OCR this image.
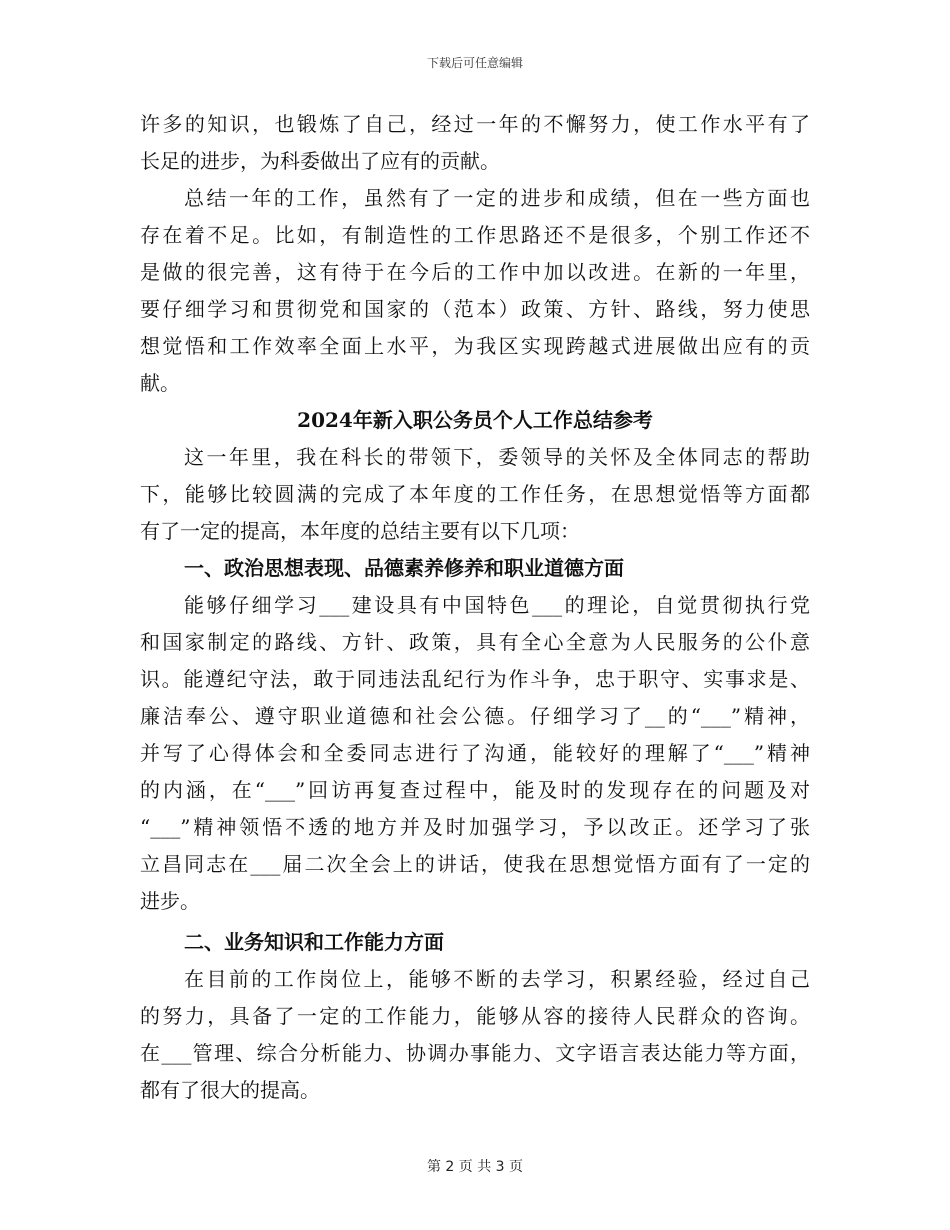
下载后可任意编辑
许多的知识，也锻炼了自己，经过一年的不懈努力，使工作水平有了
长足的进步，为科委做出了应有的贡献。
总结一年的工作，虽然有了一定的进步和成绩，但在一些方面也
存在着不足。比如，有制造性的工作思路还不是很多，个别工作还不
是做的很完善，这有待于在今后的工作中加以改进。在新的一年里，
要仔细学习和贯彻党和国家的（范本）政策、方针、路线，努力使思
想觉悟和工作效率全面上水平，为我区实现跨越式进展做出应有的贡
献。
2024年新入职公务员个人工作总结参考
这一年里，我在科长的带领下，委领导的关怀及全体同志的帮助
下，能够比较圆满的完成了本年度的工作任务，在思想觉悟等方面都
有了一定的提高，本年度的总结主要有以下几项：
一、政治思想表现、品德素养修养和职业道德方面
能够仔细学习___建设具有中国特色___的理论，自觉贯彻执行党
和国家制定的路线、方针、政策，具有全心全意为人民服务的公仆意
识。能遵纪守法，敢于同违法乱纪行为作斗争，忠于职守、实事求是、
廉洁奉公、遵守职业道德和社会公德。仔细学习了__的“___”精神，
并写了心得体会和全委同志进行了沟通，能较好的理解了“___”精神
的内涵，在“___”回访再复查过程中，能及时的发现存在的问题及对
“___”精神领悟不透的地方并及时加强学习，予以改正。还学习了张
立昌同志在___届二次全会上的讲话，使我在思想觉悟方面有了一定的
进步。
二、业务知识和工作能力方面
在目前的工作岗位上，能够不断的去学习，积累经验，经过自己
的努力，具备了一定的工作能力，能够从容的接待人民群众的咨询。
在___管理、综合分析能力、协调办事能力、文字语言表达能力等方面，
都有了很大的提高。
第 2 页 共 3 页
